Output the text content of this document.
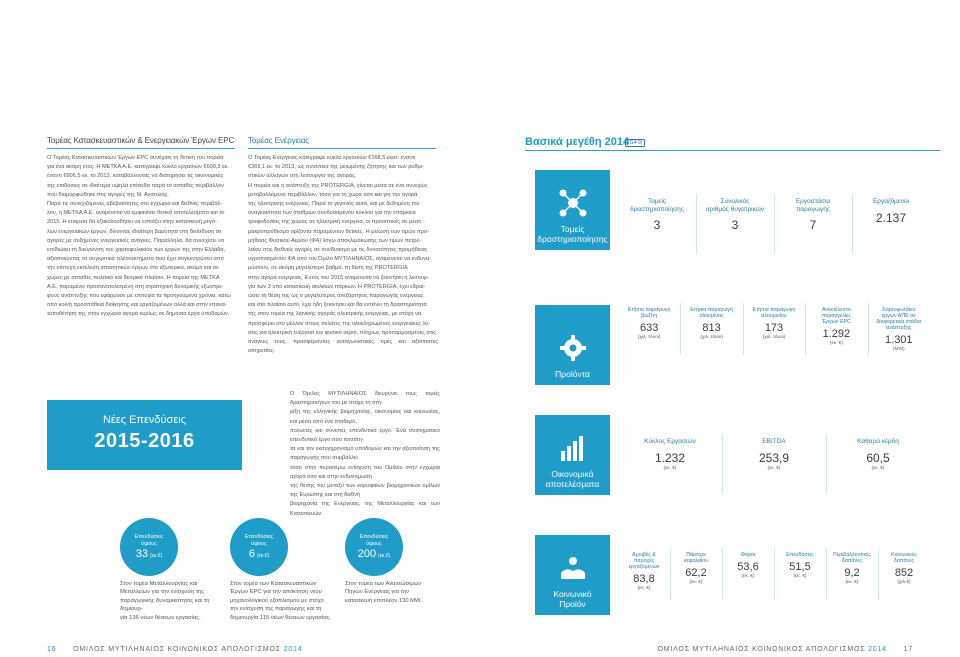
Τομέας Κατασκευαστικών & Ενεργειακών Έργων EPC

Ο Τομέας Κατασκευαστικών Έργων EPC συνέχισε τη θετική του πορεία

για ένα ακόμη έτος. Η ΜΕΤΚΑ Α.Ε. κατέγραψε κύκλο εργασιών €609,3 εκ.

έναντι €606,5 εκ. το 2013, καταβάλλοντας να διατηρήσει τις οικονομικές

της επιδόσεις σε ιδιαίτερα υψηλά επίπεδα παρά το ασταθές περιβάλλον

που διαμορφώθηκε στις αγορές της Μ. Ανατολής.

Παρά τις συνεχιζόμενες αβεβαιότητες στο εγχώριο και διεθνές περιβάλ-

λον, η ΜΕΤΚΑ Α.Ε. αναμένεται να εμφανίσει θετικά αποτελέσματα και το

2015. Η εταιρεία θα εξακολουθήσει να εστιάζει στην κατασκευή μεγά-

λων ενεργειακών έργων, δίνοντας ιδιαίτερη βαρύτητα στη διείσδυση σε

αγορές με αυξημένες ενεργειακές ανάγκες. Παράλληλα, θα συνεχίσει να

επιδιώκει τη διεύρυνση του χαρτοφυλακίου των έργων της στην Ελλάδα,

αξιοποιώντας τα συγκριτικά πλεονεκτήματα που έχει συγκεντρώσει από

την επιτυχή εκτέλεση απαιτητικών έργων στο εξωτερικό, ακόμη και σε

χώρες με ασταθές πολιτικό και θεσμικό πλαίσιο. Η πορεία της ΜΕΤΚΑ

Α.Ε. παραμένει προσανατολισμένη στη στρατηγική δυναμικής εξωστρε-

φούς ανάπτυξης που εφάρμοσε με επιτυχία τα προηγούμενα χρόνια, κάτω

από κοινή προσπάθεια διοίκησης και εργαζομένων αλλά και στην επανα-

τοποθέτησή της στην εγχώρια αγορά κυρίως σε δημόσια έργα υποδομών.

Τομέας Ενέργειας

Ο Τομέας Ενέργειας κατέγραψε κύκλο εργασιών €168,5 εκατ. έναντι

€369,1 εκ. το 2013, ως συνέπεια της μειωμένης ζήτησης και των ρυθμι-

στικών αλλαγών στη λειτουργία της αγοράς.

Η πορεία και η ανάπτυξη της PROTERGIA, γίνεται μέσα σε ένα συνεχώς

μεταβαλλόμενο περιβάλλον, τόσο για τη χώρα όσο και για την αγορά

της ηλεκτρικής ενέργειας. Παρά το γεγονός αυτό, και με δεδομένη την

αναγκαιότητα των σταθμών συνδυασμένου κύκλου για την επάρκεια

τροφοδοσίας της χώρας σε ηλεκτρική ενέργεια, οι προοπτικές σε μέσο -

μακροπρόθεσμο ορίζοντα παραμένουν θετικές. Η μείωση των τιμών προ-

μήθειας Φυσικού Αερίου (ΦΑ) λόγω αποκλιμάκωσης των τιμών πετρε-

λαίου στις διεθνείς αγορές σε συνδυασμό με τις δυνατότητες προμήθειας

υγροποιημένου ΦΑ από τον Όμιλο ΜΥΤΙΛΗΝΑΙΟΣ, αναμένεται να ενδυνα-

μώσουν, σε ακόμη μεγαλύτερο βαθμό, τη θέση της PROTERGIA

στην αγορά ενέργειας. Εντός του 2015 αναμένεται να ξεκινήσει η λειτουρ-

γία των 3 υπό κατασκευή αιολικών πάρκων. Η PROTERGIA, έχει εδραι-

ώσει τη θέση της ως ο μεγαλύτερος ανεξάρτητος παραγωγός ενέργειας

και στο πλαίσιο αυτό, έχει ήδη ξεκινήσει και θα εντείνει τη δραστηριότητά

της στον τομέα της λιανικής αγοράς ηλεκτρικής ενέργειας, με στόχο να

προσφέρει στο μέλλον στους πελάτες της ολοκληρωμένες ενεργειακές λύ-

σεις για ηλεκτρική ενέργεια και φυσικό αέριο, πλήρως προσαρμοσμένες στις

ανάγκες τους, προσφέροντας ανταγωνιστικές τιμές και αξιόπιστες υπηρεσίες.

Ο Όμιλος ΜΥΤΙΛΗΝΑΙΟΣ διευρύνει τους τομείς δραστηριοτήτων του με στόχο τη στή-

ριξη της ελληνικής βιομηχανίας, οικονομίας και κοινωνίας, και μέσα από ένα σταθερό,

πολυετές και συνεπές επενδυτικό έργο. Ένα συστηματικό επενδυτικό έργο που ποσότη-

τα και τον εκσυγχρονισμό υποδομών και την αξιοποίηση της παραγωγής που συμβάλλει

τόσο στην περαιτέρω ενίσχυση του Ομίλου στην εγχώρια αγορά όσο και στην ενδυνάμωση

της θέσης του μεταξύ των κορυφαίων βιομηχανικών ομίλων της Ευρώπης και στη διεθνή

βιομηχανία της Ενέργειας, της Μεταλλουργίας και των Κατασκευών.

Νέες Επενδύσεις
2015-2016
Επενδύσεις
ύψους
33 (εκ.€)
Στον τομέα Μεταλλουργίας και
Μεταλλείων για την ενίσχυση της
παραγωγικής δυναμικότητας και τη δημιουρ-
γία 136 νέων θέσεων εργασίας.
Επενδύσεις
ύψους
6 (εκ.€)
Στον τομέα των Κατασκευαστικών
Έργων EPC για την απόκτηση νέου
μηχανολογικού εξοπλισμού με στόχο
την ενίσχυση της παραγωγής και τη
δημιουργία 115 νέων θέσεων εργασίας.
Επενδύσεις
ύψους
200 (εκ.€)
Στον τομέα των Ανανεώσιμων
Πηγών Ενέργειας για την
κατασκευή επιπλέον 130 MW.
Βασικά μεγέθη 2014
(G4-9)
Τομείς
δραστηριοποίησης
Προϊόντα
Οικονομικά
αποτελέσματα
Κοινωνικό
Προϊόν
Τομείς
δραστηριοποίησης
3
Συνολικός
αριθμός θυγατρικών
3
Εργοστάσια
παραγωγής
7
Εργαζόμενοι
2.137
Ετήσια παραγωγή
βωξίτη
633
(χιλ. τόνοι)
Ετήσια παραγωγή
αλουμίνας
813
(χιλ. τόνοι)
Ετήσια παραγωγή
αλουμινίου
173
(χιλ. τόνοι)
Ανεκτέλεστο
παραγγελίες
Έργων EPC
1.292
(εκ. €)
Χαρτοφυλάκιο
έργων ΑΠΕ σε
διαφορετικά στάδια
ανάπτυξης
1.301
(MW)
Κύκλος Εργασιών
1.232
(εκ. €)
EBITDA
253,9
(εκ. €)
Καθαρά κέρδη
60,5
(εκ. €)
Αμοιβές &
παροχές
εργαζομένων
83,8
(εκ. €)
Πάροχοι
κεφαλαίου
62,2
(εκ. €)
Φόροι
53,6
(εκ. €)
Επενδύσεις
51,5
(εκ. €)
Περιβαλλοντικές
δαπάνες
9,2
(εκ. €)
Κοινωνικές
δαπάνες
852
(χιλ.€)
16 ΟΜΙΛΟΣ ΜΥΤΙΛΗΝΑΙΟΣ ΚΟΙΝΩΝΙΚΟΣ ΑΠΟΛΟΓΙΣΜΟΣ 2014	ΟΜΙΛΟΣ ΜΥΤΙΛΗΝΑΙΟΣ ΚΟΙΝΩΝΙΚΟΣ ΑΠΟΛΟΓΙΣΜΟΣ 2014 17
